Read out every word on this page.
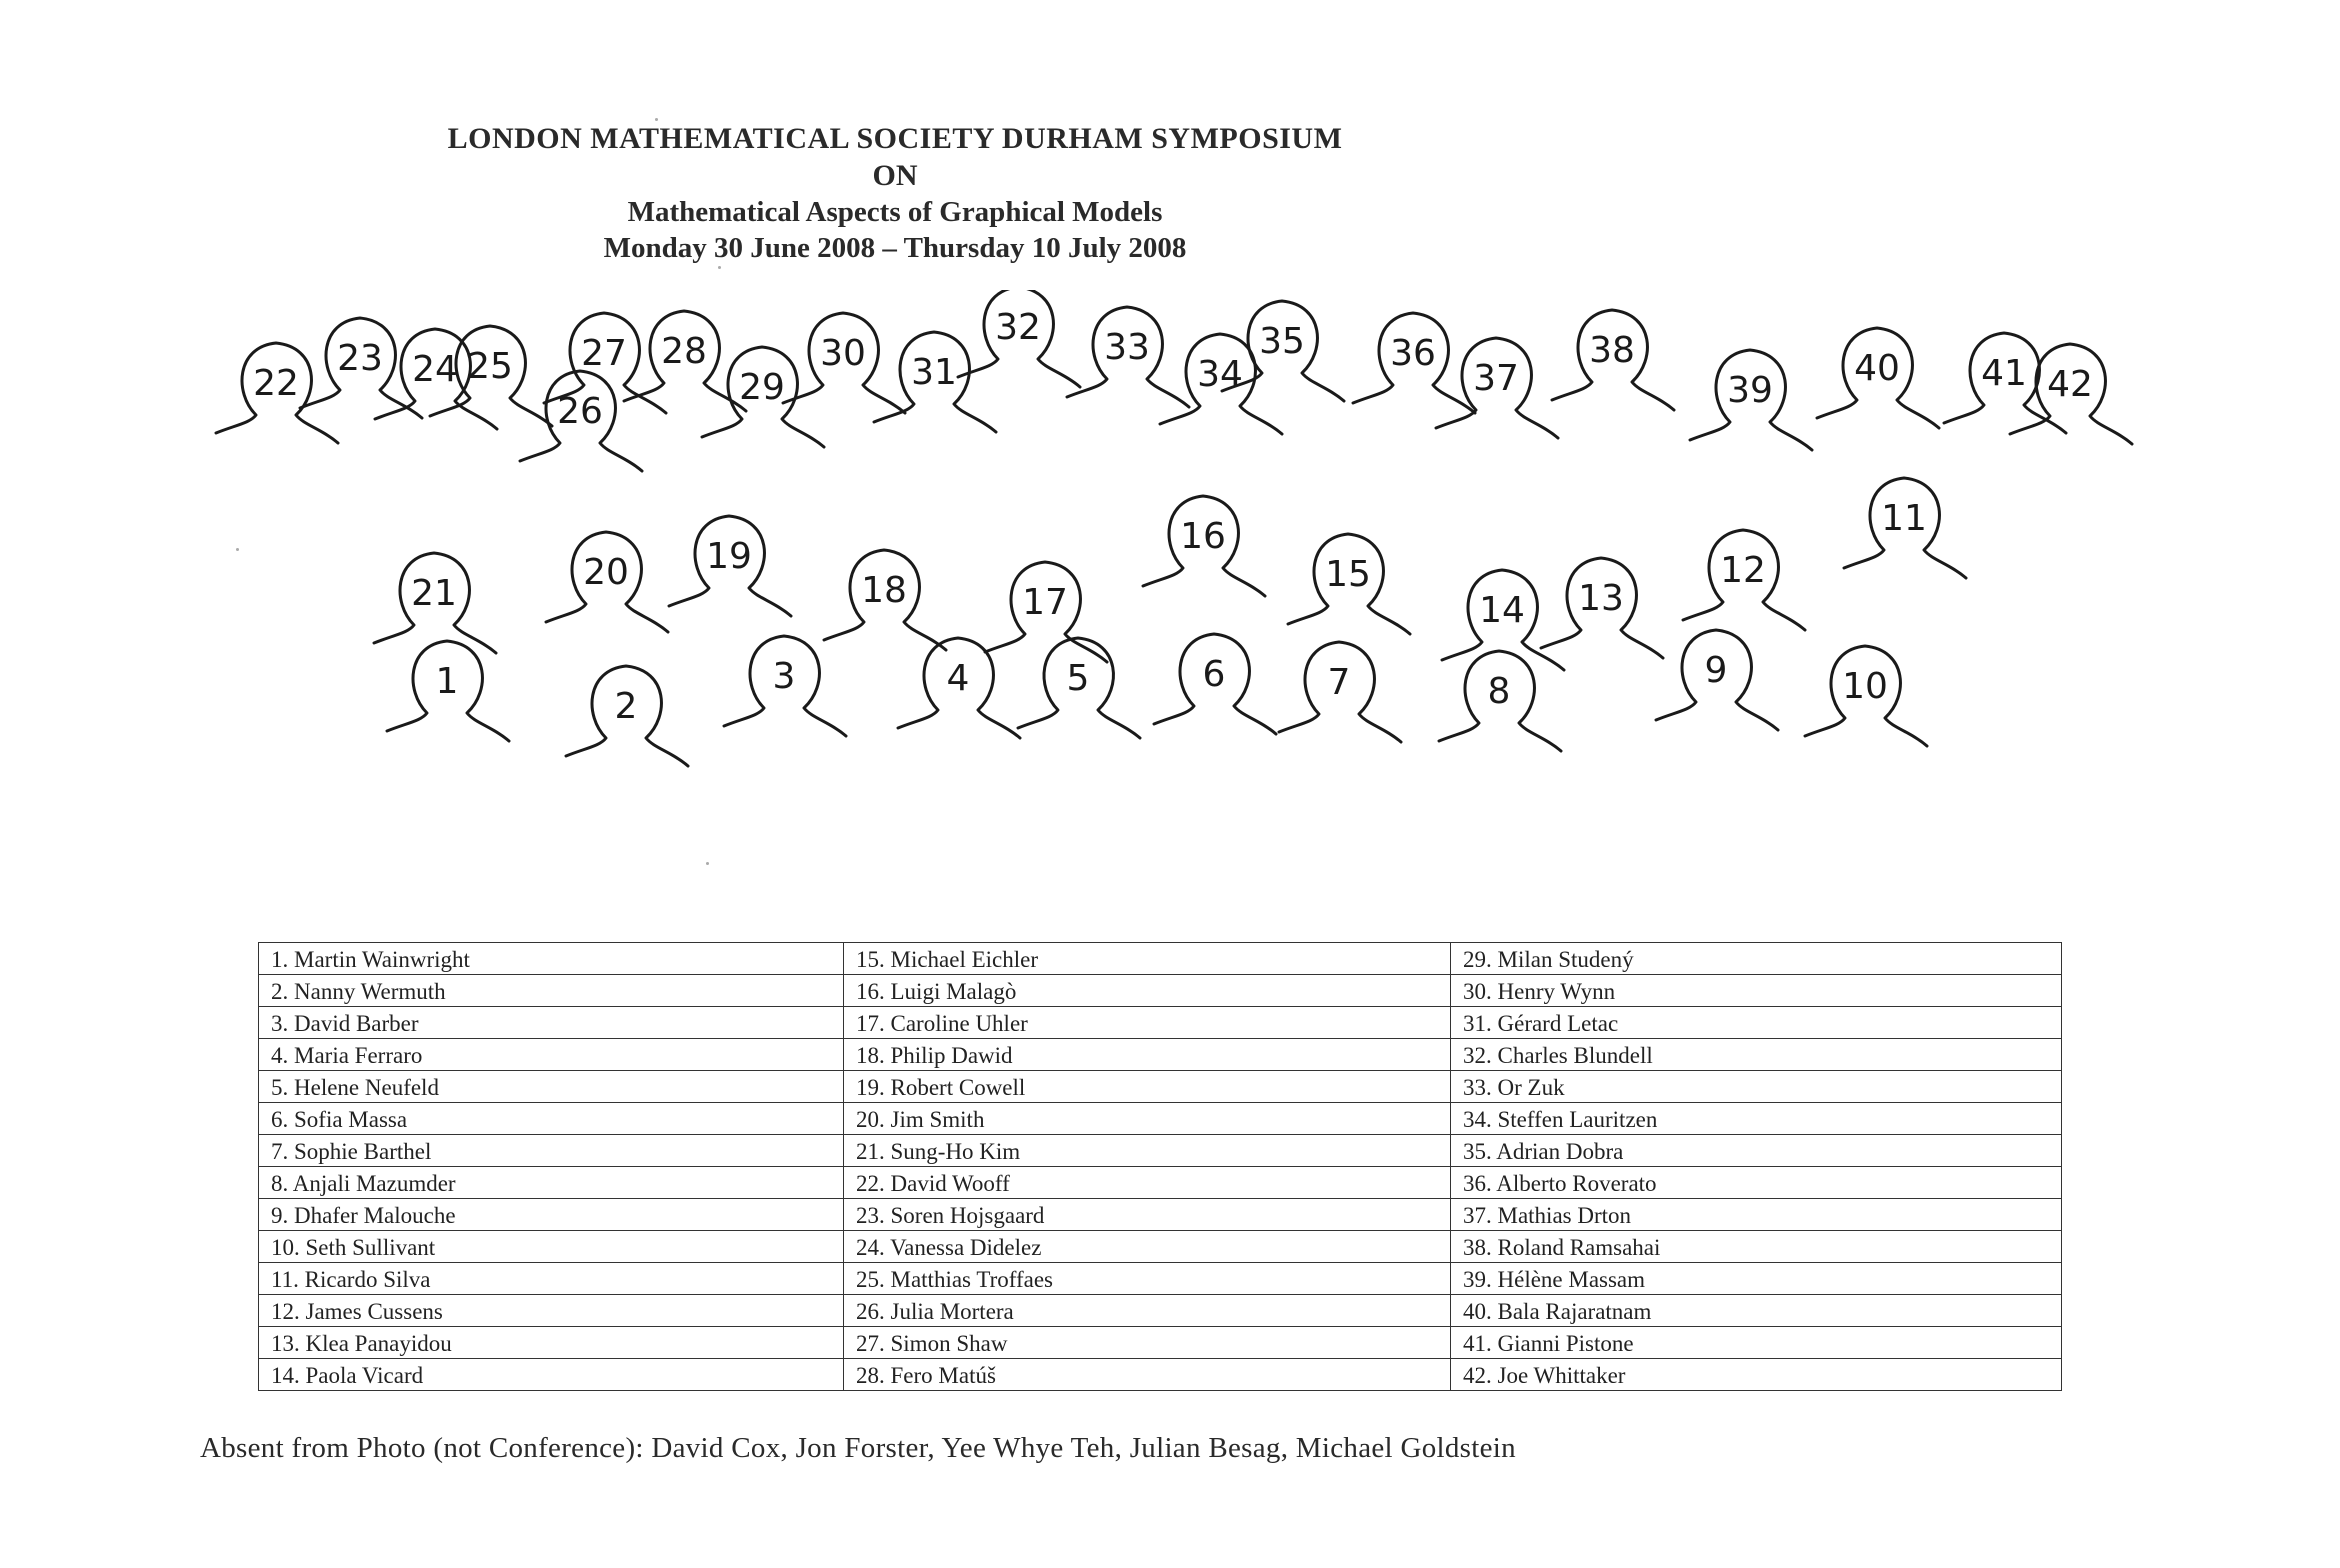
LONDON MATHEMATICAL SOCIETY DURHAM SYMPOSIUM
ON
Mathematical Aspects of Graphical Models
Monday 30 June 2008 – Thursday 10 July 2008
1
2
3	4	5	6	7	8
9	10
11
12
13
14
15
16
17
18
19
20
21
22
23 24 25
26
27 28
29
30 31
32 33
34
35 36
37
38
39
40 41 42
1. Martin Wainwright	15. Michael Eichler	29. Milan Studený
2. Nanny Wermuth	16. Luigi Malagò	30. Henry Wynn
3. David Barber	17. Caroline Uhler	31. Gérard Letac
4. Maria Ferraro	18. Philip Dawid	32. Charles Blundell
5. Helene Neufeld	19. Robert Cowell	33. Or Zuk
6. Sofia Massa	20. Jim Smith	34. Steffen Lauritzen
7. Sophie Barthel	21. Sung-Ho Kim	35. Adrian Dobra
8. Anjali Mazumder	22. David Wooff	36. Alberto Roverato
9. Dhafer Malouche	23. Soren Hojsgaard	37. Mathias Drton
10. Seth Sullivant	24. Vanessa Didelez	38. Roland Ramsahai
11. Ricardo Silva	25. Matthias Troffaes	39. Hélène Massam
12. James Cussens	26. Julia Mortera	40. Bala Rajaratnam
13. Klea Panayidou	27. Simon Shaw	41. Gianni Pistone
14. Paola Vicard	28. Fero Matúš	42. Joe Whittaker
Absent from Photo (not Conference): David Cox, Jon Forster, Yee Whye Teh, Julian Besag, Michael Goldstein
